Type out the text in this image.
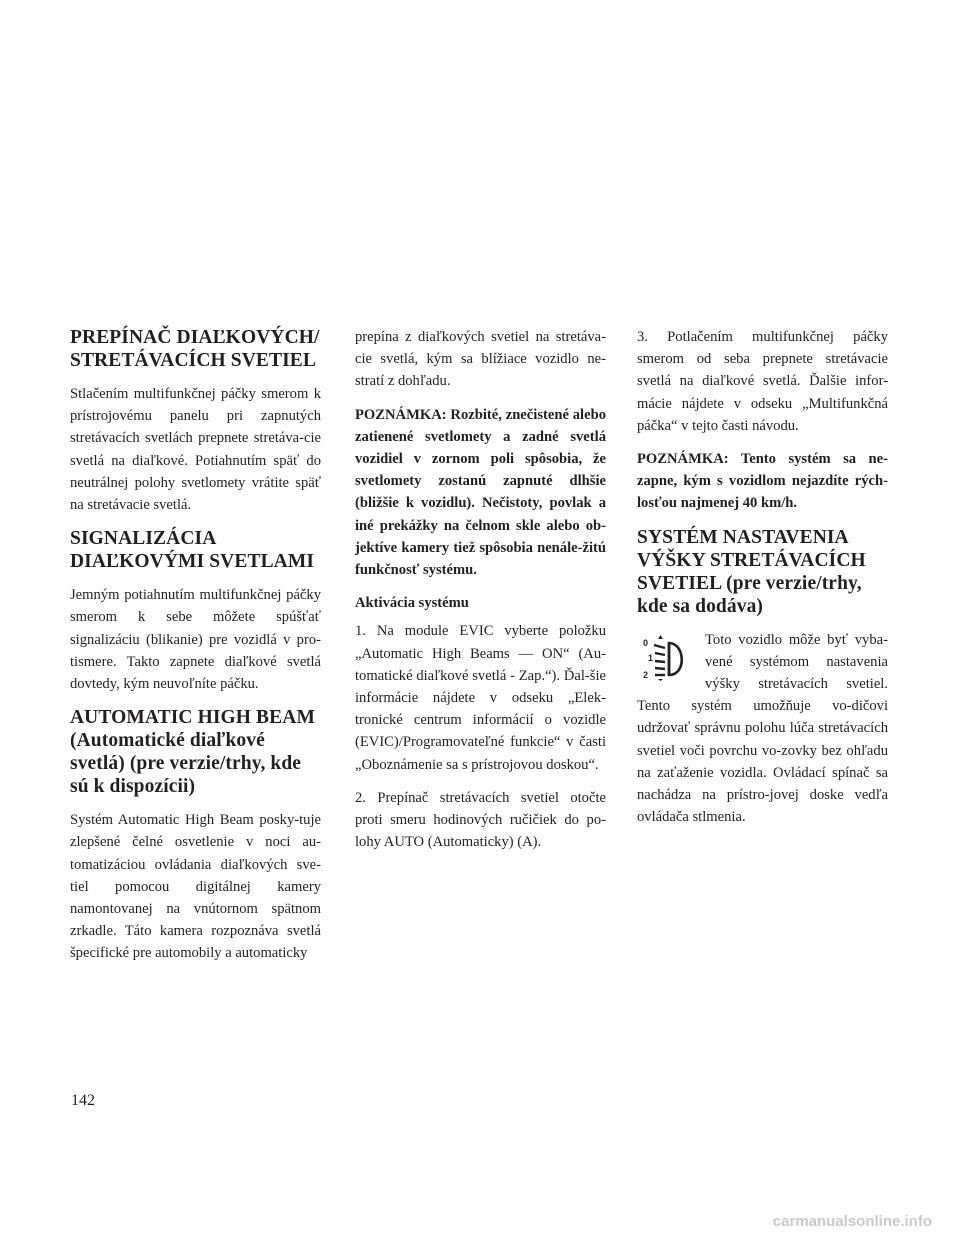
PREPÍNAČ DIAĽKOVÝCH/ STRETÁVACÍCH SVETIEL

Stlačením multifunkčnej páčky smerom k prístrojovému panelu pri zapnutých stretávacích svetlách prepnete stretáva-cie svetlá na diaľkové. Potiahnutím späť do neutrálnej polohy svetlomety vrátite späť na stretávacie svetlá.

SIGNALIZÁCIA DIAĽKOVÝMI SVETLAMI

Jemným potiahnutím multifunkčnej páčky smerom k sebe môžete spúšťať signalizáciu (blikanie) pre vozidlá v pro-tismere. Takto zapnete diaľkové svetlá dovtedy, kým neuvoľníte páčku.

AUTOMATIC HIGH BEAM (Automatické diaľkové svetlá) (pre verzie/trhy, kde sú k dispozícii)

Systém Automatic High Beam posky-tuje zlepšené čelné osvetlenie v noci au-tomatizáciou ovládania diaľkových sve-tiel pomocou digitálnej kamery namontovanej na vnútornom spätnom zrkadle. Táto kamera rozpoznáva svetlá špecifické pre automobily a automaticky

prepína z diaľkových svetiel na stretáva-cie svetlá, kým sa blížiace vozidlo ne-stratí z dohľadu.

POZNÁMKA: Rozbité, znečistené alebo zatienené svetlomety a zadné svetlá vozidiel v zornom poli spôsobia, že svetlomety zostanú zapnuté dlhšie (bližšie k vozidlu). Nečistoty, povlak a iné prekážky na čelnom skle alebo ob-jektíve kamery tiež spôsobia nenále-žitú funkčnosť systému.

Aktivácia systému

1. Na module EVIC vyberte položku „Automatic High Beams — ON“ (Au-tomatické diaľkové svetlá - Zap.“). Ďal-šie informácie nájdete v odseku „Elek-tronické centrum informácií o vozidle (EVIC)/Programovateľné funkcie“ v časti „Oboznámenie sa s prístrojovou doskou“.

2. Prepínač stretávacích svetiel otočte proti smeru hodinových ručičiek do po-lohy AUTO (Automaticky) (A).

3. Potlačením multifunkčnej páčky smerom od seba prepnete stretávacie svetlá na diaľkové svetlá. Ďalšie infor-mácie nájdete v odseku „Multifunkčná páčka“ v tejto časti návodu.

POZNÁMKA: Tento systém sa ne-zapne, kým s vozidlom nejazdíte rých-losťou najmenej 40 km/h.

SYSTÉM NASTAVENIA VÝŠKY STRETÁVACÍCH SVETIEL (pre verzie/trhy, kde sa dodáva)
0
1
2

Toto vozidlo môže byť vyba-vené systémom nastavenia výšky stretávacích svetiel. Tento systém umožňuje vo-dičovi udržovať správnu polohu lúča stretávacích svetiel voči povrchu vo-zovky bez ohľadu na zaťaženie vozidla. Ovládací spínač sa nachádza na prístro-jovej doske vedľa ovládača stlmenia.

142
carmanualsonline.info
